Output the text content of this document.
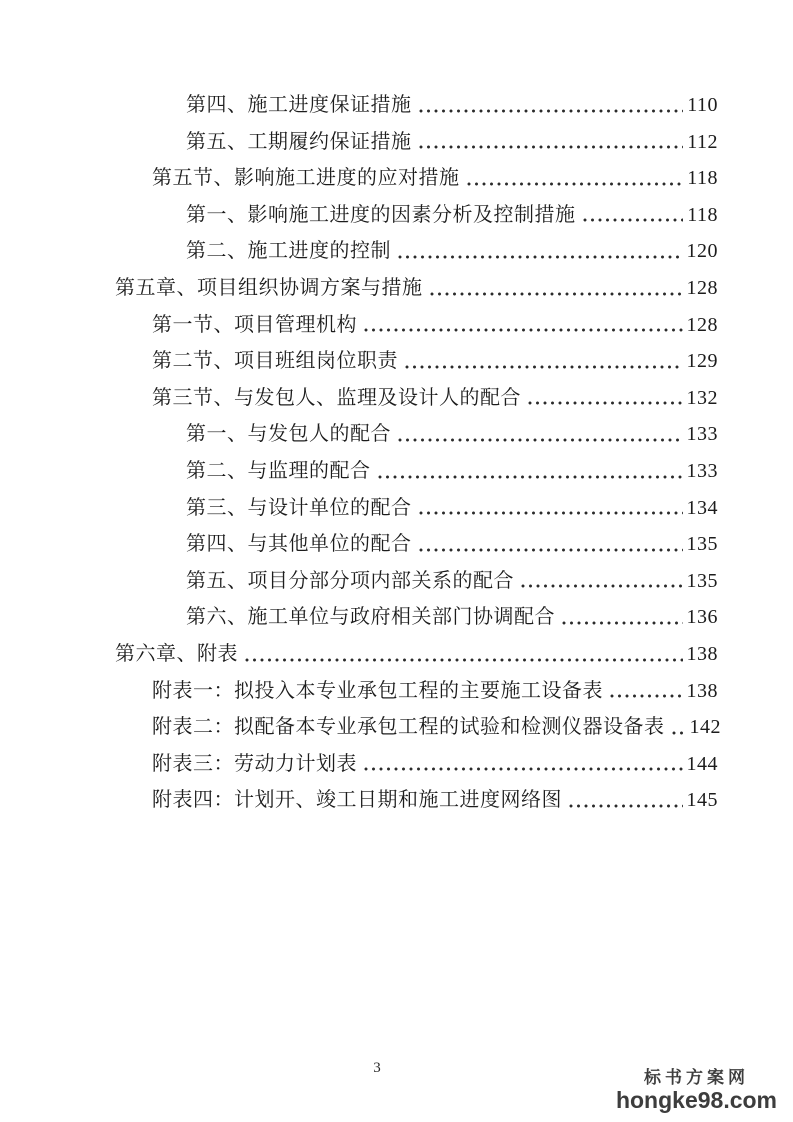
第四、施工进度保证措施	110
第五、工期履约保证措施	112
第五节、影响施工进度的应对措施	118
第一、影响施工进度的因素分析及控制措施	118
第二、施工进度的控制	120
第五章、项目组织协调方案与措施	128
第一节、项目管理机构	128
第二节、项目班组岗位职责	129
第三节、与发包人、监理及设计人的配合	132
第一、与发包人的配合	133
第二、与监理的配合	133
第三、与设计单位的配合	134
第四、与其他单位的配合	135
第五、项目分部分项内部关系的配合	135
第六、施工单位与政府相关部门协调配合	136
第六章、附表	138
附表一：拟投入本专业承包工程的主要施工设备表	138
附表二：拟配备本专业承包工程的试验和检测仪器设备表 142
附表三：劳动力计划表	144
附表四：计划开、竣工日期和施工进度网络图	145
3	标书方案网
hongke98.com
